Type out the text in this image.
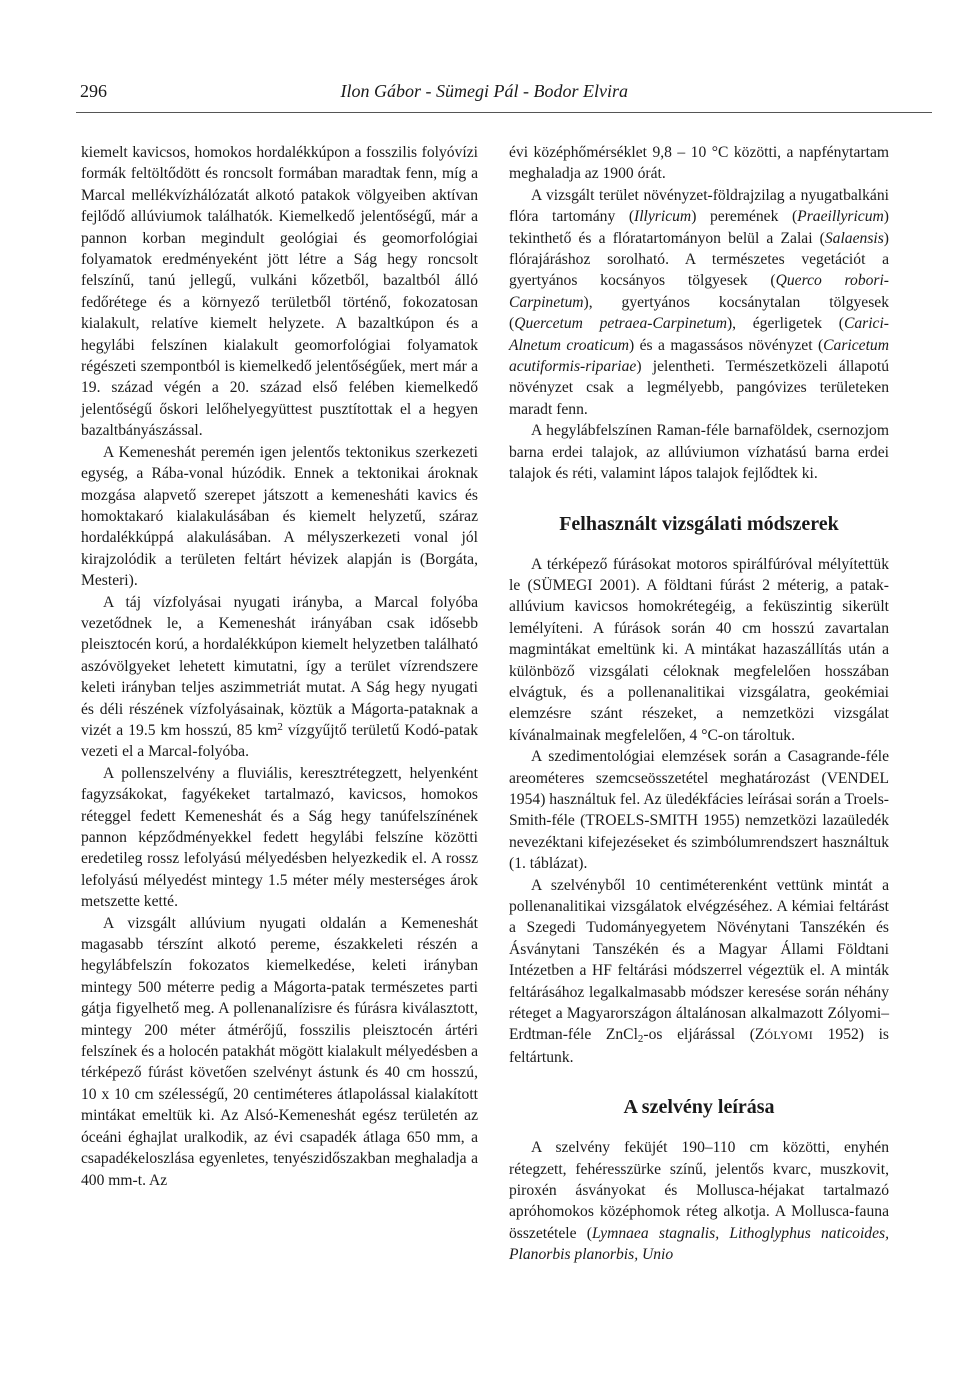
296	Ilon Gábor - Sümegi Pál - Bodor Elvira

kiemelt kavicsos, homokos hordalékkúpon a fosszilis folyóvízi formák feltöltődött és roncsolt formában maradtak fenn, míg a Marcal mellékvízhálózatát alkotó patakok völgyeiben aktívan fejlődő allúviumok találhatók. Kiemelkedő jelentőségű, már a pannon korban megindult geológiai és geomorfológiai folyamatok eredményeként jött létre a Ság hegy roncsolt felszínű, tanú jellegű, vulkáni kőzetből, bazaltból álló fedőrétege és a környező területből történő, fokozatosan kialakult, relatíve kiemelt helyzete. A bazaltkúpon és a hegylábi felszínen kialakult geomorfológiai folyamatok régészeti szempontból is kiemelkedő jelentőségűek, mert már a 19. század végén a 20. század első felében kiemelkedő jelentőségű őskori lelőhelyegyüttest pusztítottak el a hegyen bazaltbányászással.

A Kemeneshát peremén igen jelentős tektonikus szerkezeti egység, a Rába-vonal húzódik. Ennek a tektonikai ároknak mozgása alapvető szerepet játszott a kemenesháti kavics és homoktakaró kialakulásában és kiemelt helyzetű, száraz hordalékkúppá alakulásában. A mélyszerkezeti vonal jól kirajzolódik a területen feltárt hévizek alapján is (Borgáta, Mesteri).

A táj vízfolyásai nyugati irányba, a Marcal folyóba vezetődnek le, a Kemeneshát irányában csak idősebb pleisztocén korú, a hordalékkúpon kiemelt helyzetben található aszóvölgyeket lehetett kimutatni, így a terület vízrendszere keleti irányban teljes aszimmetriát mutat. A Ság hegy nyugati és déli részének vízfolyásainak, köztük a Mágorta-pataknak a vizét a 19.5 km hosszú, 85 $km^2$ vízgyűjtő területű Kodó-patak vezeti el a Marcal-folyóba.

A pollenszelvény a fluviális, keresztrétegzett, helyenként fagyzsákokat, fagyékeket tartalmazó, kavicsos, homokos réteggel fedett Kemeneshát és a Ság hegy tanúfelszínének pannon képződményekkel fedett hegylábi felszíne közötti eredetileg rossz lefolyású mélyedésben helyezkedik el. A rossz lefolyású mélyedést mintegy 1.5 méter mély mesterséges árok metszette ketté.

A vizsgált allúvium nyugati oldalán a Kemeneshát magasabb térszínt alkotó pereme, északkeleti részén a hegylábfelszín fokozatos kiemelkedése, keleti irányban mintegy 500 méterre pedig a Mágorta-patak természetes parti gátja figyelhető meg. A pollenanalízisre és fúrásra kiválasztott, mintegy 200 méter átmérőjű, fosszilis pleisztocén ártéri felszínek és a holocén patakhát mögött kialakult mélyedésben a térképező fúrást követően szelvényt ástunk és 40 cm hosszú, 10 x 10 cm szélességű, 20 centiméteres átlapolással kialakított mintákat emeltük ki. Az Alsó-Kemeneshát egész területén az óceáni éghajlat uralkodik, az évi csapadék átlaga 650 mm, a csapadékeloszlása egyenletes, tenyészidőszakban meghaladja a 400 mm-t. Az

évi középhőmérséklet 9,8 – 10 °C közötti, a napfénytartam meghaladja az 1900 órát.

A vizsgált terület növényzet-földrajzilag a nyugatbalkáni flóra tartomány (Illyricum) peremének (Praeillyricum) tekinthető és a flóratartományon belül a Zalai (Salaensis) flórajáráshoz sorolható. A természetes vegetációt a gyertyános kocsányos tölgyesek (Querco robori-Carpinetum), gyertyános kocsánytalan tölgyesek (Quercetum petraea-Carpinetum), égerligetek (Carici-Alnetum croaticum) és a magassásos növényzet (Caricetum acutiformis-ripariae) jelentheti. Természetközeli állapotú növényzet csak a legmélyebb, pangóvizes területeken maradt fenn.

A hegylábfelszínen Raman-féle barnaföldek, csernozjom barna erdei talajok, az allúviumon vízhatású barna erdei talajok és réti, valamint lápos talajok fejlődtek ki.

Felhasznált vizsgálati módszerek

A térképező fúrásokat motoros spirálfúróval mélyítettük le (SÜMEGI 2001). A földtani fúrást 2 méterig, a patak-allúvium kavicsos homokrétegéig, a feküszintig sikerült lemélyíteni. A fúrások során 40 cm hosszú zavartalan magmintákat emeltünk ki. A mintákat hazaszállítás után a különböző vizsgálati céloknak megfelelően hosszában elvágtuk, és a pollenanalitikai vizsgálatra, geokémiai elemzésre szánt részeket, a nemzetközi vizsgálat kívánalmainak megfelelően, 4 °C-on tároltuk.

A szedimentológiai elemzések során a Casagrande-féle areométeres szemcseösszetétel meghatározást (VENDEL 1954) használtuk fel. Az üledékfácies leírásai során a Troels-Smith-féle (TROELS-SMITH 1955) nemzetközi lazaüledék nevezéktani kifejezéseket és szimbólumrendszert használtuk (1. táblázat).

A szelvényből 10 centiméterenként vettünk mintát a pollenanalitikai vizsgálatok elvégzéséhez. A kémiai feltárást a Szegedi Tudományegyetem Növénytani Tanszékén és Ásványtani Tanszékén és a Magyar Állami Földtani Intézetben a HF feltárási módszerrel végeztük el. A minták feltárásához legalkalmasabb módszer keresése során néhány réteget a Magyarországon általánosan alkalmazott Zólyomi–Erdtman-féle ZnCl$_2$-os eljárással (ZÓLYOMI 1952) is feltártunk.

A szelvény leírása

A szelvény feküjét 190–110 cm közötti, enyhén rétegzett, fehéresszürke színű, jelentős kvarc, muszkovit, piroxén ásványokat és Mollusca-héjakat tartalmazó apróhomokos középhomok réteg alkotja. A Mollusca-fauna összetétele (Lymnaea stagnalis, Lithoglyphus naticoides, Planorbis planorbis, Unio
